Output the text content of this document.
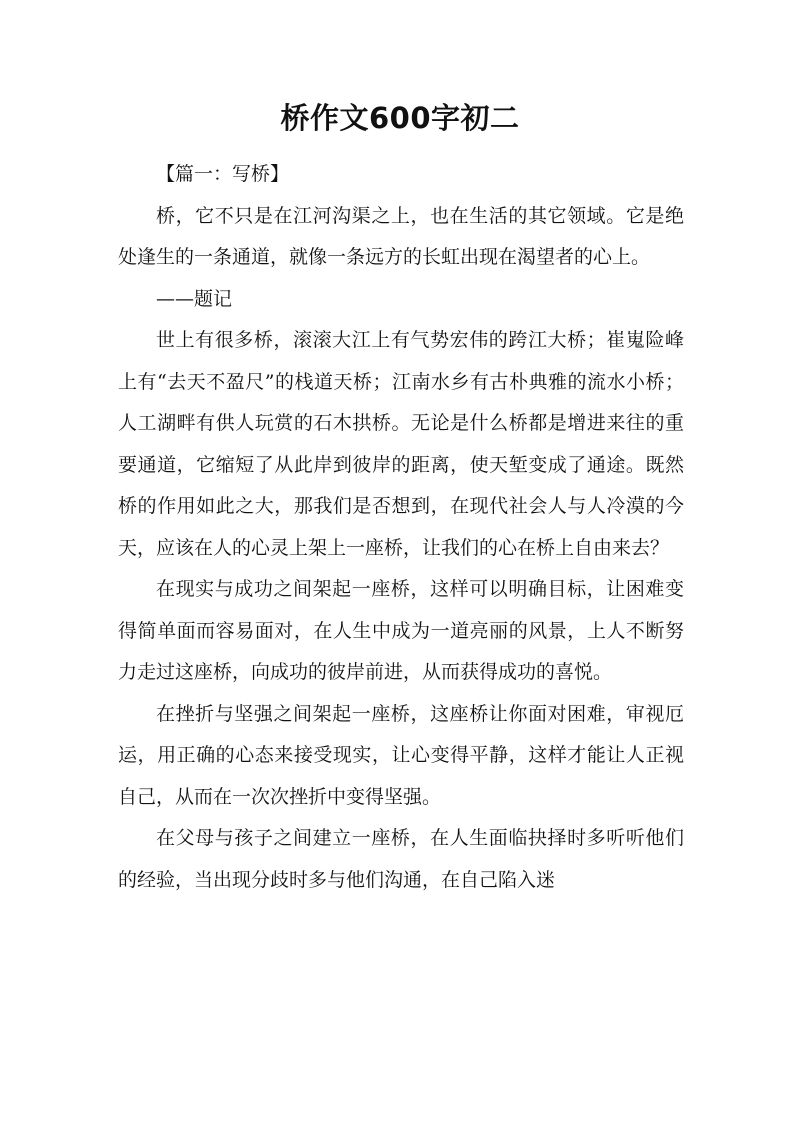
桥作文600字初二

【篇一：写桥】

桥，它不只是在江河沟渠之上，也在生活的其它领域。它是绝处逢生的一条通道，就像一条远方的长虹出现在渴望者的心上。

——题记

世上有很多桥，滚滚大江上有气势宏伟的跨江大桥；崔嵬险峰上有“去天不盈尺”的栈道天桥；江南水乡有古朴典雅的流水小桥；人工湖畔有供人玩赏的石木拱桥。无论是什么桥都是增进来往的重要通道，它缩短了从此岸到彼岸的距离，使天堑变成了通途。既然桥的作用如此之大，那我们是否想到，在现代社会人与人冷漠的今天，应该在人的心灵上架上一座桥，让我们的心在桥上自由来去？

在现实与成功之间架起一座桥，这样可以明确目标，让困难变得简单面而容易面对，在人生中成为一道亮丽的风景，上人不断努力走过这座桥，向成功的彼岸前进，从而获得成功的喜悦。

在挫折与坚强之间架起一座桥，这座桥让你面对困难，审视厄运，用正确的心态来接受现实，让心变得平静，这样才能让人正视自己，从而在一次次挫折中变得坚强。

在父母与孩子之间建立一座桥，在人生面临抉择时多听听他们的经验，当出现分歧时多与他们沟通，在自己陷入迷
